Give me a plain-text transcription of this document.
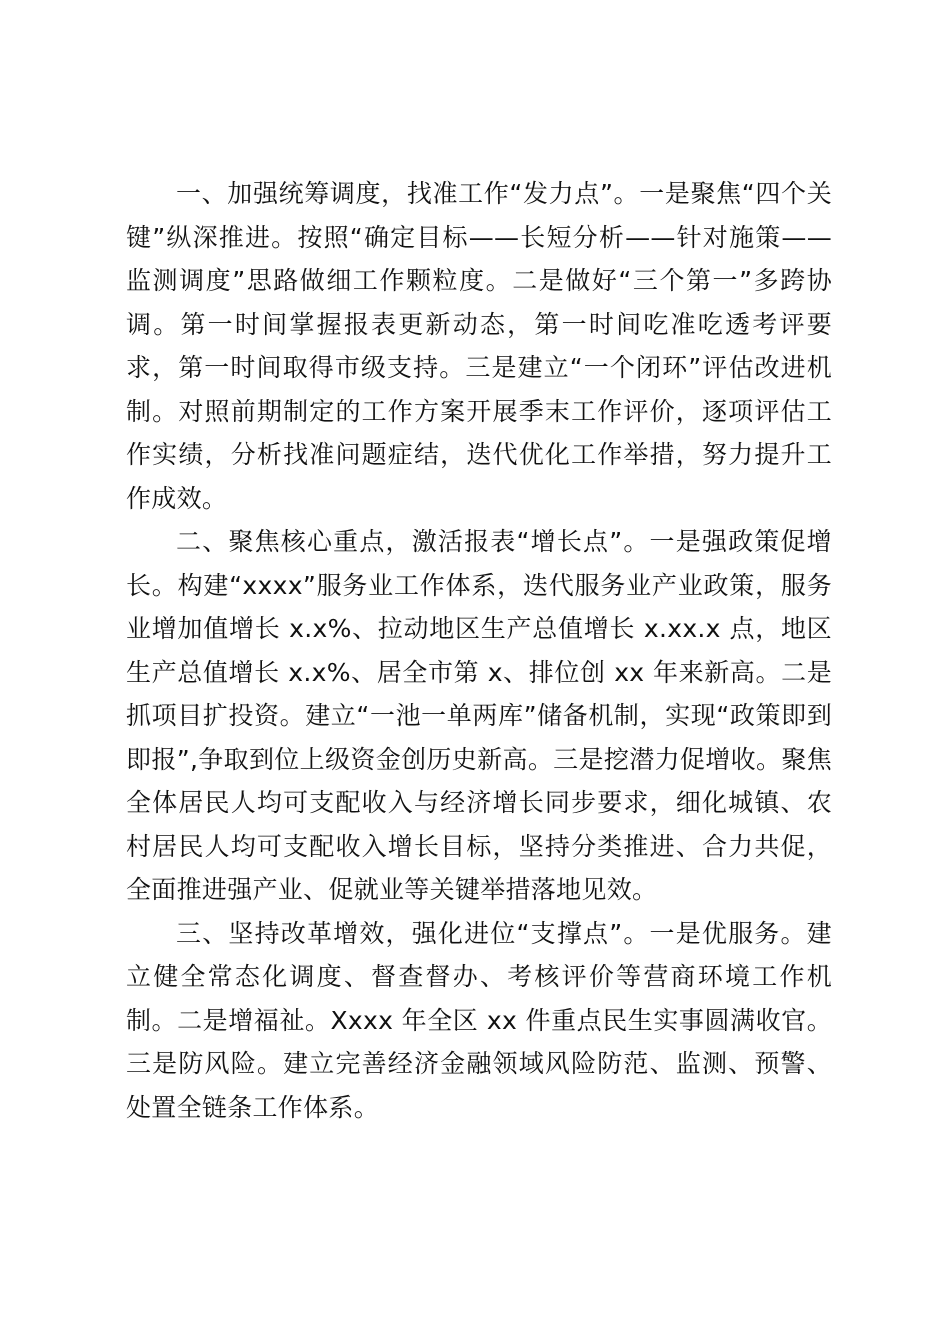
一、加强统筹调度，找准工作“发力点”。一是聚焦“四个关键”纵深推进。按照“确定目标——长短分析——针对施策——监测调度”思路做细工作颗粒度。二是做好“三个第一”多跨协调。第一时间掌握报表更新动态，第一时间吃准吃透考评要求，第一时间取得市级支持。三是建立“一个闭环”评估改进机制。对照前期制定的工作方案开展季末工作评价，逐项评估工作实绩，分析找准问题症结，迭代优化工作举措，努力提升工作成效。

二、聚焦核心重点，激活报表“增长点”。一是强政策促增长。构建“xxxx”服务业工作体系，迭代服务业产业政策，服务业增加值增长 x.x%、拉动地区生产总值增长 x.xx.x 点，地区生产总值增长 x.x%、居全市第 x、排位创 xx 年来新高。二是抓项目扩投资。建立“一池一单两库”储备机制，实现“政策即到即报”,争取到位上级资金创历史新高。三是挖潜力促增收。聚焦全体居民人均可支配收入与经济增长同步要求，细化城镇、农村居民人均可支配收入增长目标，坚持分类推进、合力共促，全面推进强产业、促就业等关键举措落地见效。

三、坚持改革增效，强化进位“支撑点”。一是优服务。建立健全常态化调度、督查督办、考核评价等营商环境工作机制。二是增福祉。Xxxx 年全区 xx 件重点民生实事圆满收官。三是防风险。建立完善经济金融领域风险防范、监测、预警、处置全链条工作体系。
